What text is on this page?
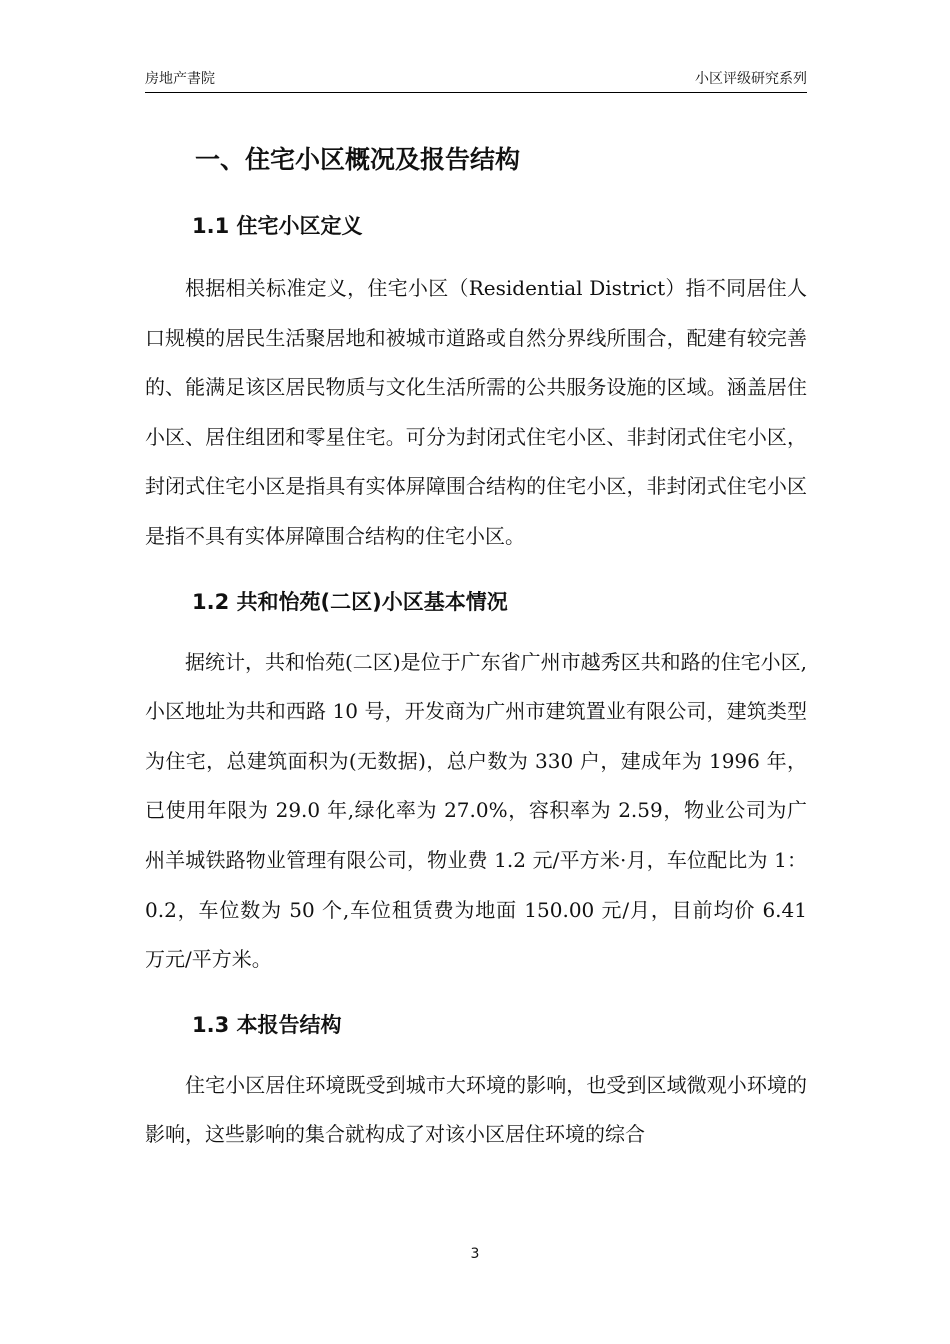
房地产書院	小区评级研究系列
一、住宅小区概况及报告结构
1.1 住宅小区定义

根据相关标准定义，住宅小区（Residential District）指不同居住人口规模的居民生活聚居地和被城市道路或自然分界线所围合，配建有较完善的、能满足该区居民物质与文化生活所需的公共服务设施的区域。涵盖居住小区、居住组团和零星住宅。可分为封闭式住宅小区、非封闭式住宅小区，封闭式住宅小区是指具有实体屏障围合结构的住宅小区，非封闭式住宅小区是指不具有实体屏障围合结构的住宅小区。

1.2 共和怡苑(二区)小区基本情况

据统计，共和怡苑(二区)是位于广东省广州市越秀区共和路的住宅小区,小区地址为共和西路 10 号，开发商为广州市建筑置业有限公司，建筑类型为住宅，总建筑面积为(无数据)，总户数为 330 户，建成年为 1996 年，已使用年限为 29.0 年,绿化率为 27.0%，容积率为 2.59，物业公司为广州羊城铁路物业管理有限公司，物业费 1.2 元/平方米·月，车位配比为 1：0.2，车位数为 50 个,车位租赁费为地面 150.00 元/月，目前均价 6.41 万元/平方米。

1.3 本报告结构

住宅小区居住环境既受到城市大环境的影响，也受到区域微观小环境的影响，这些影响的集合就构成了对该小区居住环境的综合

3
